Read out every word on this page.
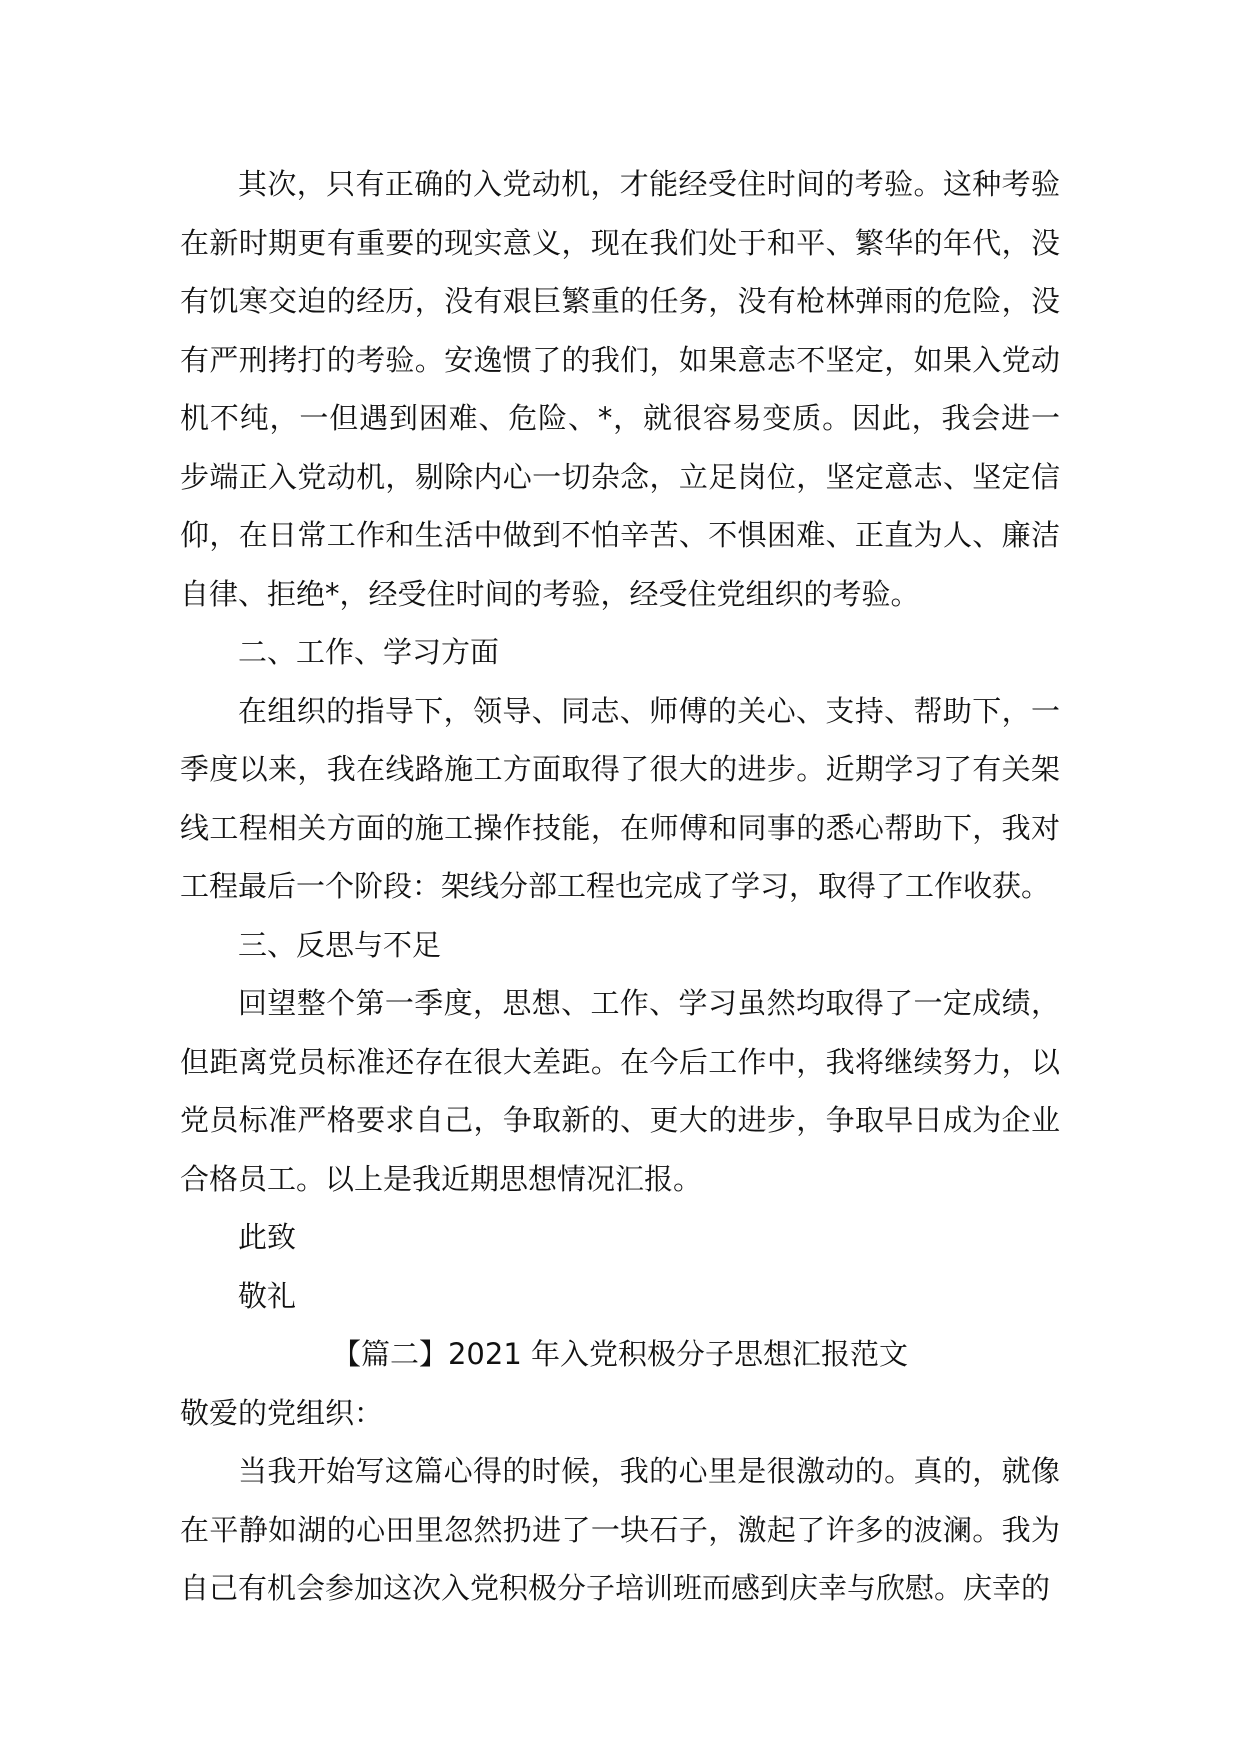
其次，只有正确的入党动机，才能经受住时间的考验。这种考验在新时期更有重要的现实意义，现在我们处于和平、繁华的年代，没有饥寒交迫的经历，没有艰巨繁重的任务，没有枪林弹雨的危险，没有严刑拷打的考验。安逸惯了的我们，如果意志不坚定，如果入党动机不纯，一但遇到困难、危险、*，就很容易变质。因此，我会进一步端正入党动机，剔除内心一切杂念，立足岗位，坚定意志、坚定信仰，在日常工作和生活中做到不怕辛苦、不惧困难、正直为人、廉洁自律、拒绝*，经受住时间的考验，经受住党组织的考验。

二、工作、学习方面

在组织的指导下，领导、同志、师傅的关心、支持、帮助下，一季度以来，我在线路施工方面取得了很大的进步。近期学习了有关架线工程相关方面的施工操作技能，在师傅和同事的悉心帮助下，我对工程最后一个阶段：架线分部工程也完成了学习，取得了工作收获。

三、反思与不足

回望整个第一季度，思想、工作、学习虽然均取得了一定成绩，但距离党员标准还存在很大差距。在今后工作中，我将继续努力，以党员标准严格要求自己，争取新的、更大的进步，争取早日成为企业合格员工。以上是我近期思想情况汇报。

此致

敬礼

【篇二】2021 年入党积极分子思想汇报范文

敬爱的党组织：

当我开始写这篇心得的时候，我的心里是很激动的。真的，就像在平静如湖的心田里忽然扔进了一块石子，激起了许多的波澜。我为自己有机会参加这次入党积极分子培训班而感到庆幸与欣慰。庆幸的
